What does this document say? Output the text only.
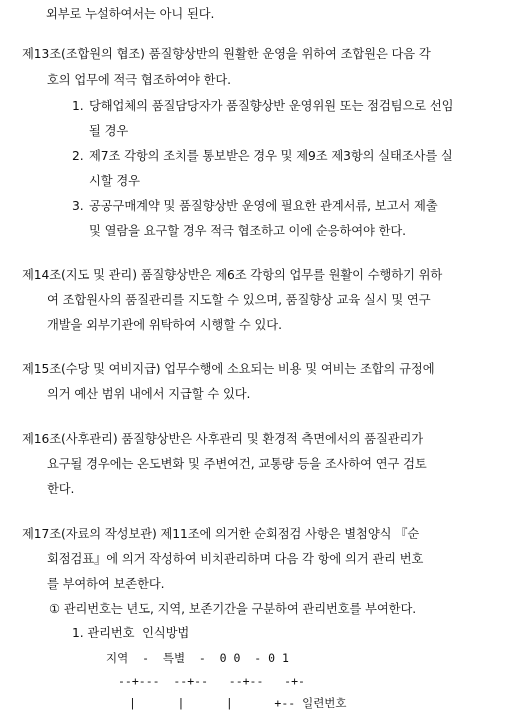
외부로 누설하여서는 아니 된다.
제13조(조합원의 협조) 품질향상반의 원활한 운영을 위하여 조합원은 다음 각
호의 업무에 적극 협조하여야 한다.
1. 당해업체의 품질담당자가 품질향상반 운영위원 또는 점검팀으로 선임
될 경우
2. 제7조 각항의 조치를 통보받은 경우 및 제9조 제3항의 실태조사를 실
시할 경우
3. 공공구매계약 및 품질향상반 운영에 필요한 관계서류, 보고서 제출
및 열람을 요구할 경우 적극 협조하고 이에 순응하여야 한다.
제14조(지도 및 관리) 품질향상반은 제6조 각항의 업무를 원활이 수행하기 위하
여 조합원사의 품질관리를 지도할 수 있으며, 품질향상 교육 실시 및 연구
개발을 외부기관에 위탁하여 시행할 수 있다.
제15조(수당 및 여비지급) 업무수행에 소요되는 비용 및 여비는 조합의 규정에
의거 예산 범위 내에서 지급할 수 있다.
제16조(사후관리) 품질향상반은 사후관리 및 환경적 측면에서의 품질관리가
요구될 경우에는 온도변화 및 주변여건, 교통량 등을 조사하여 연구 검토
한다.
제17조(자료의 작성보관) 제11조에 의거한 순회점검 사항은 별첨양식 『순
회점검표』에 의거 작성하여 비치관리하며 다음 각 항에 의거 관리 번호
를 부여하여 보존한다.
① 관리번호는 년도, 지역, 보존기간을 구분하여 관리번호를 부여한다.
1. 관리번호  인식방법
지역  -  특별  -  0 0  - 0 1
--+---  --+--   --+--   -+-
|      |      |      +-- 일련번호
